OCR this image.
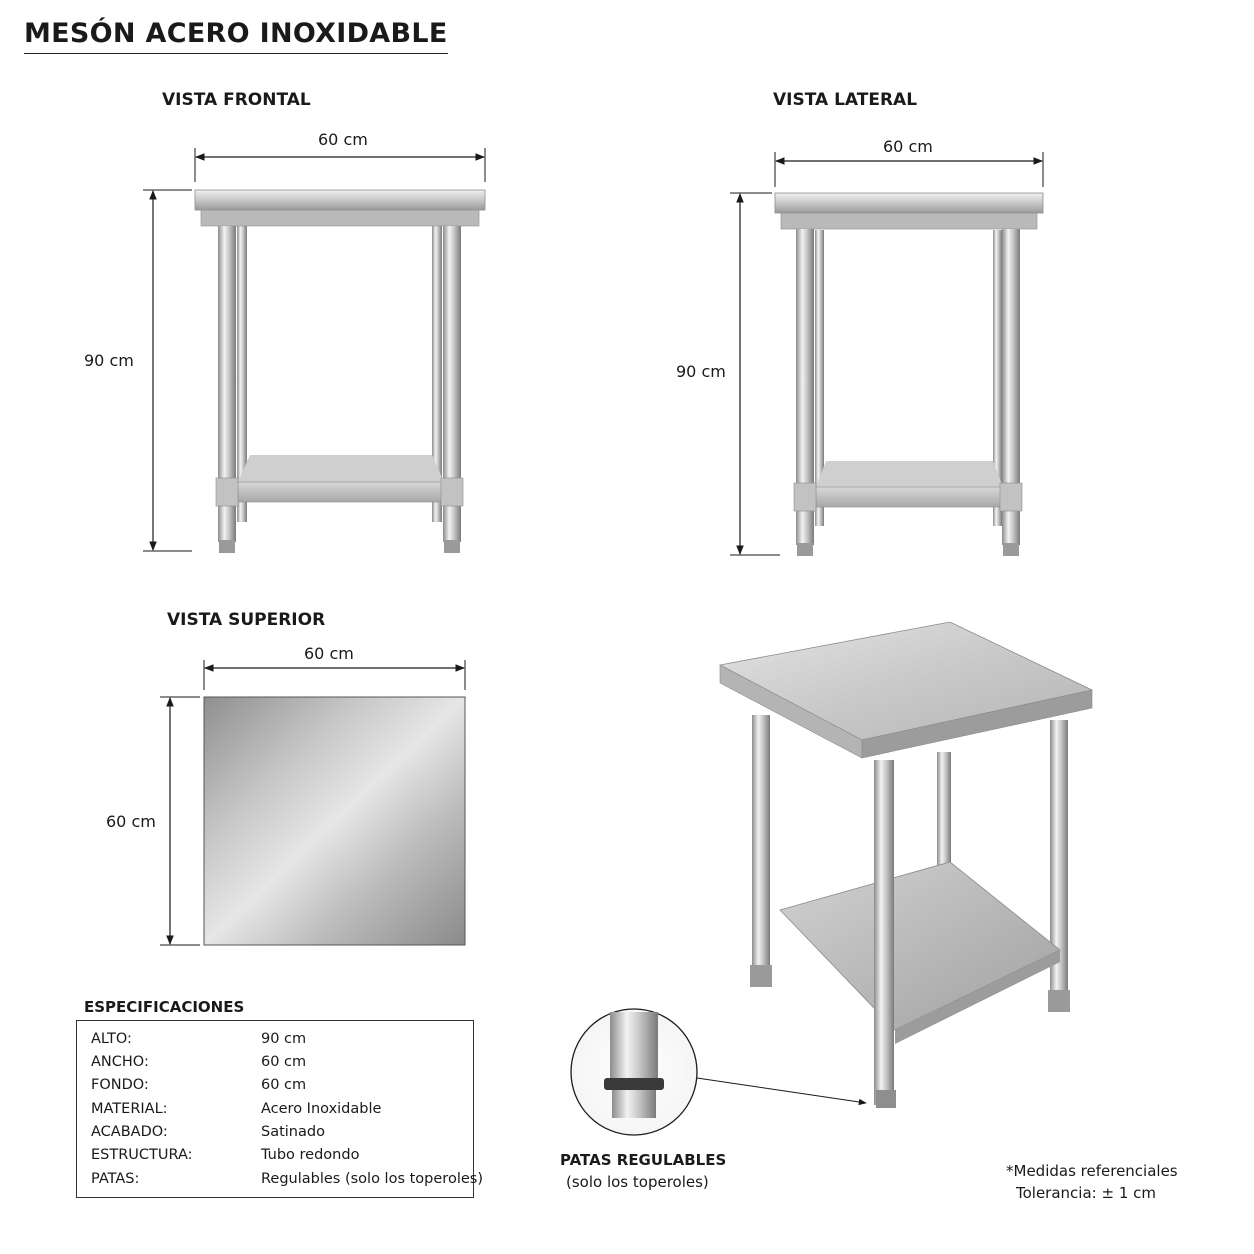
MESÓN ACERO INOXIDABLE
VISTA FRONTAL
60 cm
90 cm
VISTA LATERAL
60 cm
90 cm
VISTA SUPERIOR
60 cm
60 cm
ESPECIFICACIONES
ALTO:	90 cm
ANCHO:	60 cm
FONDO:	60 cm
MATERIAL:	Acero Inoxidable
ACABADO:	Satinado
ESTRUCTURA:	Tubo redondo
PATAS:	Regulables (solo los toperoles)
PATAS REGULABLES
(solo los toperoles)
*Medidas referenciales
Tolerancia: ± 1 cm
